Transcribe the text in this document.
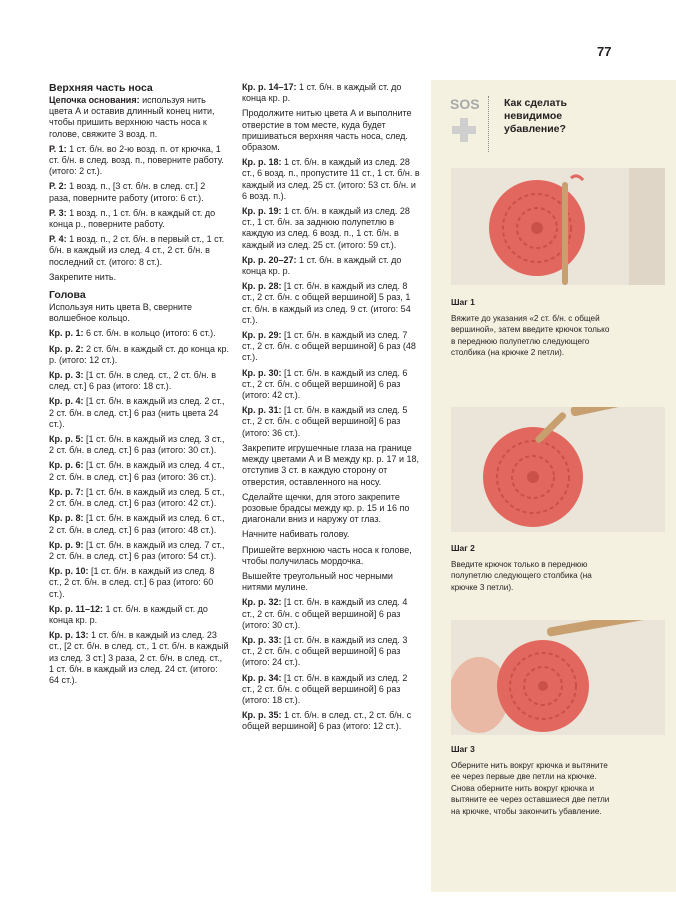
77
Верхняя часть носа

Цепочка основания: используя нить цвета А и оставив длинный конец нити, чтобы пришить верхнюю часть носа к голове, свяжите 3 возд. п.

Р. 1: 1 ст. б/н. во 2-ю возд. п. от крючка, 1 ст. б/н. в след. возд. п., поверните работу. (итого: 2 ст.).

Р. 2: 1 возд. п., [3 ст. б/н. в след. ст.] 2 раза, поверните работу (итого: 6 ст.).

Р. 3: 1 возд. п., 1 ст. б/н. в каждый ст. до конца р., поверните работу.

Р. 4: 1 возд. п., 2 ст. б/н. в первый ст., 1 ст. б/н. в каждый из след. 4 ст., 2 ст. б/н. в последний ст. (итого: 8 ст.).

Закрепите нить.

Голова

Используя нить цвета В, сверните волшебное кольцо.

Кр. р. 1: 6 ст. б/н. в кольцо (итого: 6 ст.).

Кр. р. 2: 2 ст. б/н. в каждый ст. до конца кр. р. (итого: 12 ст.).

Кр. р. 3: [1 ст. б/н. в след. ст., 2 ст. б/н. в след. ст.] 6 раз (итого: 18 ст.).

Кр. р. 4: [1 ст. б/н. в каждый из след. 2 ст., 2 ст. б/н. в след. ст.] 6 раз (нить цвета 24 ст.).

Кр. р. 5: [1 ст. б/н. в каждый из след. 3 ст., 2 ст. б/н. в след. ст.] 6 раз (итого: 30 ст.).

Кр. р. 6: [1 ст. б/н. в каждый из след. 4 ст., 2 ст. б/н. в след. ст.] 6 раз (итого: 36 ст.).

Кр. р. 7: [1 ст. б/н. в каждый из след. 5 ст., 2 ст. б/н. в след. ст.] 6 раз (итого: 42 ст.).

Кр. р. 8: [1 ст. б/н. в каждый из след. 6 ст., 2 ст. б/н. в след. ст.] 6 раз (итого: 48 ст.).

Кр. р. 9: [1 ст. б/н. в каждый из след. 7 ст., 2 ст. б/н. в след. ст.] 6 раз (итого: 54 ст.).

Кр. р. 10: [1 ст. б/н. в каждый из след. 8 ст., 2 ст. б/н. в след. ст.] 6 раз (итого: 60 ст.).

Кр. р. 11–12: 1 ст. б/н. в каждый ст. до конца кр. р.

Кр. р. 13: 1 ст. б/н. в каждый из след. 23 ст., [2 ст. б/н. в след. ст., 1 ст. б/н. в каждый из след. 3 ст.] 3 раза, 2 ст. б/н. в след. ст., 1 ст. б/н. в каждый из след. 24 ст. (итого: 64 ст.).

Кр. р. 14–17: 1 ст. б/н. в каждый ст. до конца кр. р.

Продолжите нитью цвета А и выполните отверстие в том месте, куда будет пришиваться верхняя часть носа, след. образом.

Кр. р. 18: 1 ст. б/н. в каждый из след. 28 ст., 6 возд. п., пропустите 11 ст., 1 ст. б/н. в каждый из след. 25 ст. (итого: 53 ст. б/н. и 6 возд. п.).

Кр. р. 19: 1 ст. б/н. в каждый из след. 28 ст., 1 ст. б/н. за заднюю полупетлю в каждую из след. 6 возд. п., 1 ст. б/н. в каждый из след. 25 ст. (итого: 59 ст.).

Кр. р. 20–27: 1 ст. б/н. в каждый ст. до конца кр. р.

Кр. р. 28: [1 ст. б/н. в каждый из след. 8 ст., 2 ст. б/н. с общей вершиной] 5 раз, 1 ст. б/н. в каждый из след. 9 ст. (итого: 54 ст.).

Кр. р. 29: [1 ст. б/н. в каждый из след. 7 ст., 2 ст. б/н. с общей вершиной] 6 раз (48 ст.).

Кр. р. 30: [1 ст. б/н. в каждый из след. 6 ст., 2 ст. б/н. с общей вершиной] 6 раз (итого: 42 ст.).

Кр. р. 31: [1 ст. б/н. в каждый из след. 5 ст., 2 ст. б/н. с общей вершиной] 6 раз (итого: 36 ст.).

Закрепите игрушечные глаза на границе между цветами А и В между кр. р. 17 и 18, отступив 3 ст. в каждую сторону от отверстия, оставленного на носу.

Сделайте щечки, для этого закрепите розовые брадсы между кр. р. 15 и 16 по диагонали вниз и наружу от глаз.

Начните набивать голову.

Пришейте верхнюю часть носа к голове, чтобы получилась мордочка.

Вышейте треугольный нос черными нитями мулине.

Кр. р. 32: [1 ст. б/н. в каждый из след. 4 ст., 2 ст. б/н. с общей вершиной] 6 раз (итого: 30 ст.).

Кр. р. 33: [1 ст. б/н. в каждый из след. 3 ст., 2 ст. б/н. с общей вершиной] 6 раз (итого: 24 ст.).

Кр. р. 34: [1 ст. б/н. в каждый из след. 2 ст., 2 ст. б/н. с общей вершиной] 6 раз (итого: 18 ст.).

Кр. р. 35: 1 ст. б/н. в след. ст., 2 ст. б/н. с общей вершиной] 6 раз (итого: 12 ст.).

SOS Как сделать невидимое убавление?
Шаг 1
Вяжите до указания «2 ст. б/н. с общей вершиной», затем введите крючок только в переднюю полупетлю следующего столбика (на крючке 2 петли).
Шаг 2
Введите крючок только в переднюю полупетлю следующего столбика (на крючке 3 петли).
Шаг 3
Оберните нить вокруг крючка и вытяните ее через первые две петли на крючке. Снова оберните нить вокруг крючка и вытяните ее через оставшиеся две петли на крючке, чтобы закончить убавление.
